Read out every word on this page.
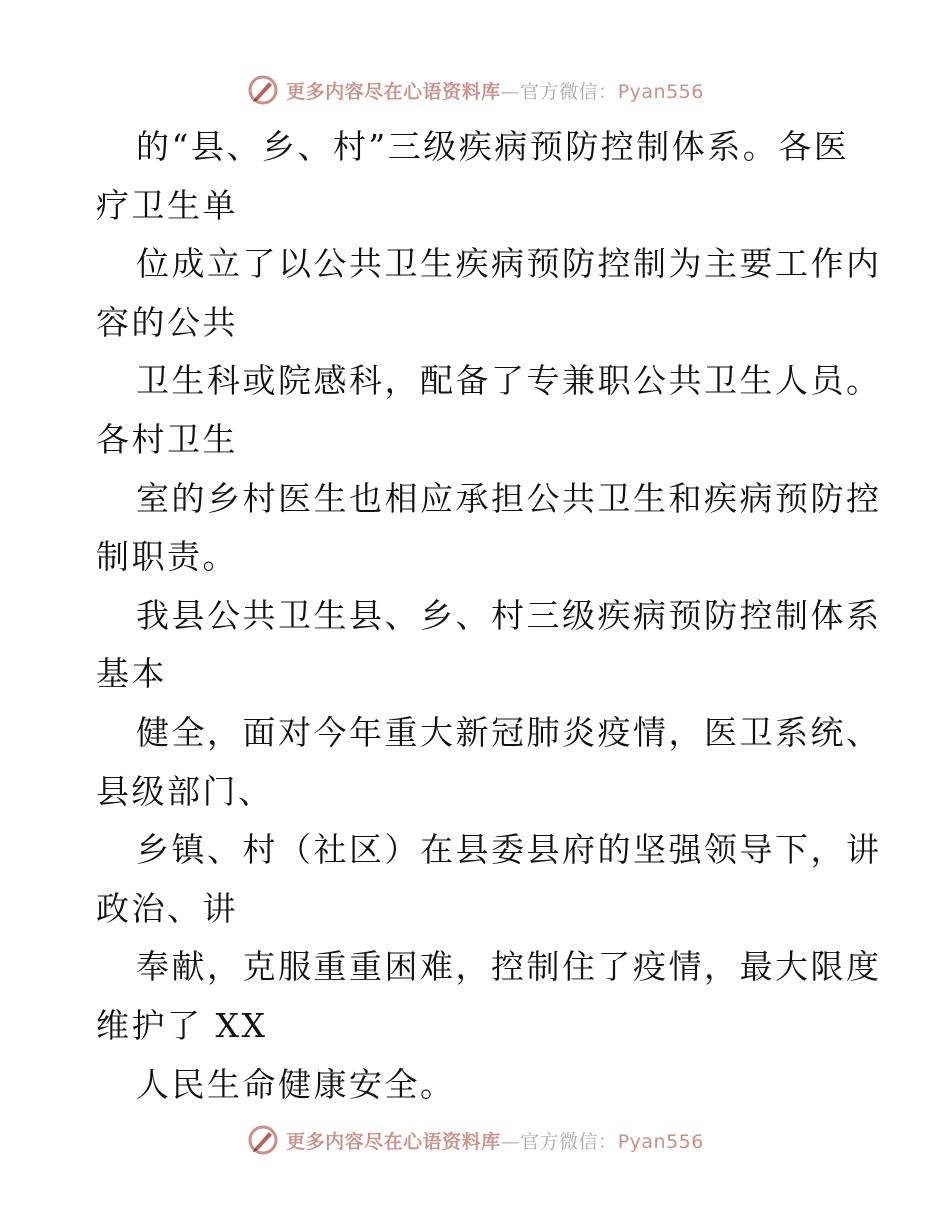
更多内容尽在心语资料库—官方微信：Pyan556
的“县、乡、村”三级疾病预防控制体系。各医
疗卫生单
位成立了以公共卫生疾病预防控制为主要工作内
容的公共
卫生科或院感科，配备了专兼职公共卫生人员。
各村卫生
室的乡村医生也相应承担公共卫生和疾病预防控
制职责。
我县公共卫生县、乡、村三级疾病预防控制体系
基本
健全，面对今年重大新冠肺炎疫情，医卫系统、
县级部门、
乡镇、村（社区）在县委县府的坚强领导下，讲
政治、讲
奉献，克服重重困难，控制住了疫情，最大限度
维护了 XX
人民生命健康安全。
更多内容尽在心语资料库—官方微信：Pyan556
